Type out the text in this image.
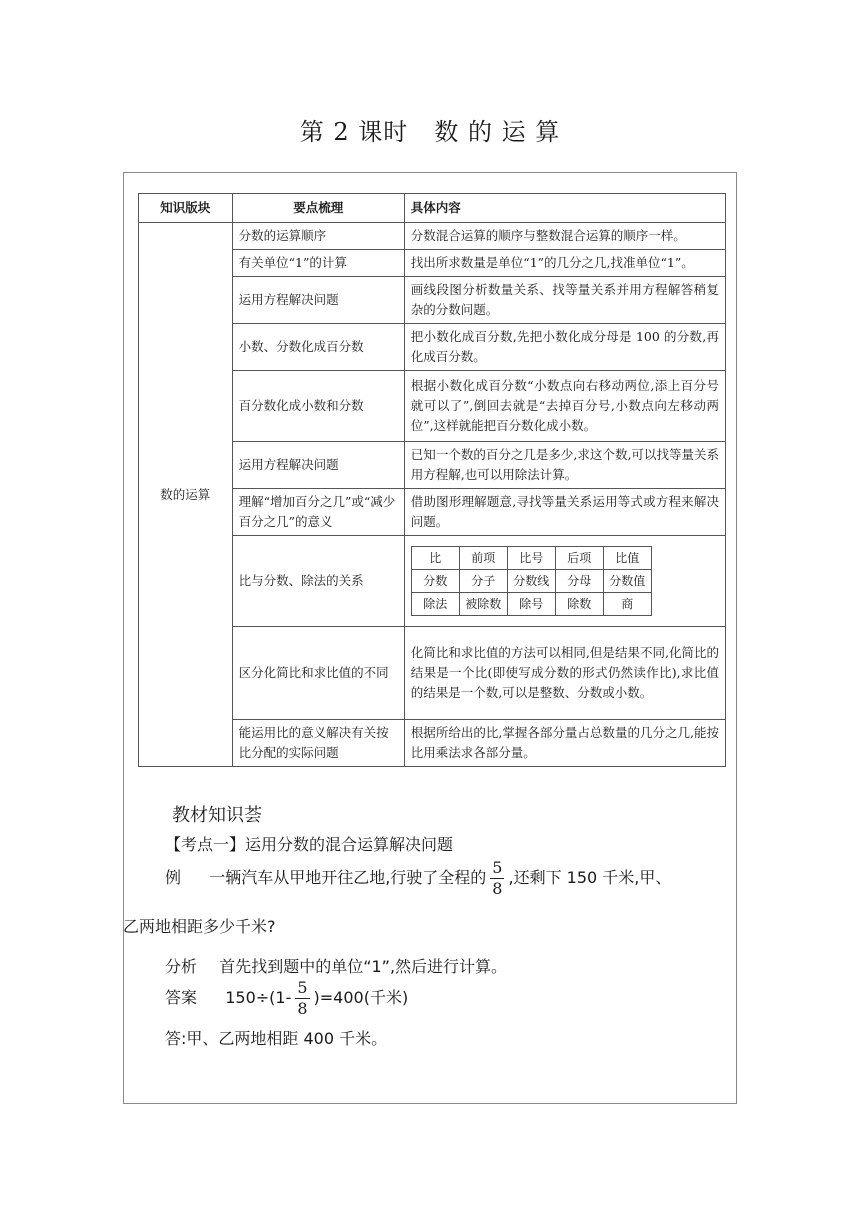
第 2 课时 数 的 运 算
知识版块	要点梳理	具体内容
数的运算	分数的运算顺序	分数混合运算的顺序与整数混合运算的顺序一样。
有关单位“1”的计算	找出所求数量是单位“1”的几分之几,找准单位“1”。
运用方程解决问题	画线段图分析数量关系、找等量关系并用方程解答稍复杂的分数问题。
小数、分数化成百分数	把小数化成百分数,先把小数化成分母是 100 的分数,再化成百分数。
百分数化成小数和分数	根据小数化成百分数“小数点向右移动两位,添上百分号就可以了”,倒回去就是“去掉百分号,小数点向左移动两位”,这样就能把百分数化成小数。
运用方程解决问题	已知一个数的百分之几是多少,求这个数,可以找等量关系用方程解,也可以用除法计算。
理解“增加百分之几”或“减少百分之几”的意义	借助图形理解题意,寻找等量关系运用等式或方程来解决问题。
比与分数、除法的关系	
比	前项	比号	后项	比值
分数	分子	分数线	分母	分数值
除法	被除数	除号	除数	商

区分化简比和求比值的不同	化简比和求比值的方法可以相同,但是结果不同,化简比的结果是一个比(即使写成分数的形式仍然读作比),求比值的结果是一个数,可以是整数、分数或小数。
能运用比的意义解决有关按比分配的实际问题	根据所给出的比,掌握各部分量占总数量的几分之几,能按比用乘法求各部分量。
教材知识荟
【考点一】运用分数的混合运算解决问题
例 一辆汽车从甲地开往乙地,行驶了全程的 $\frac{5}{8}$ ,还剩下 150 千米,甲、
乙两地相距多少千米?
分析 首先找到题中的单位“1”,然后进行计算。
答案 $150\div(1- \frac{5}{8} )=400$(千米)
答:甲、乙两地相距 400 千米。
